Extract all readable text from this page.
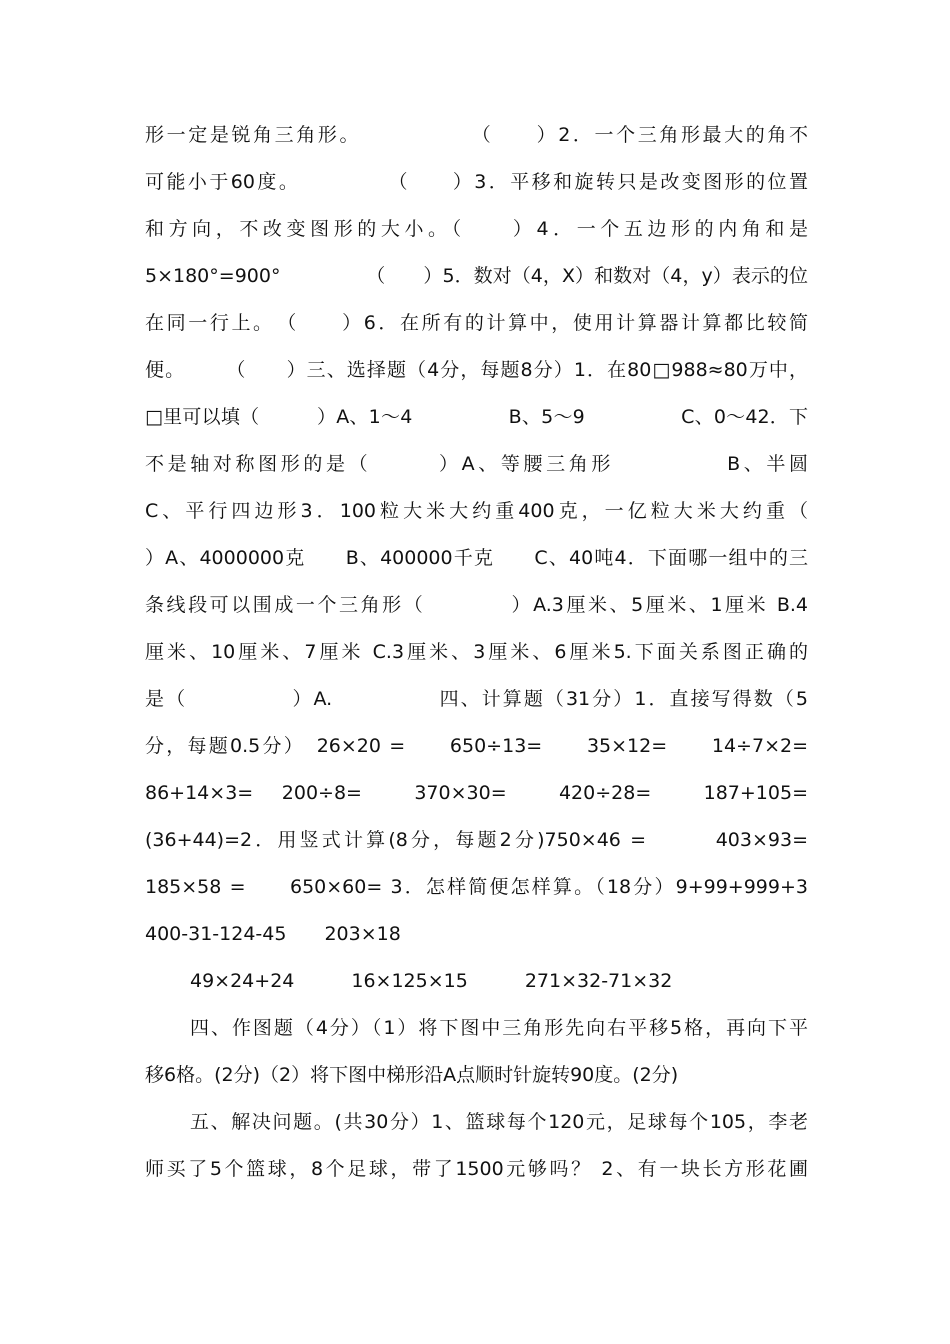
形一定是锐角三角形。　　　　　　（　　）2．一个三角形最大的角不
可能小于60度。　　　　　（　　）3．平移和旋转只是改变图形的位置
和方向，不改变图形的大小。（　　）4．一个五边形的内角和是
5×180°=900°　　　　　（　　）5．数对（4，X）和数对（4，y）表示的位
在同一行上。　（　　）6．在所有的计算中，使用计算器计算都比较简
便。　　　（　　）三、选择题（4分，每题8分）1．在80□988≈80万中，
□里可以填（　　　）A、1～4　　　　　B、5～9　　　　　C、0～42．下
不是轴对称图形的是（　　　）A、等腰三角形　　　　　B、半圆
C、平行四边形3．100粒大米大约重400克，一亿粒大米大约重（
）A、4000000克　　B、400000千克　　C、40吨4．下面哪一组中的三
条线段可以围成一个三角形（　　　　）A.3厘米、5厘米、1厘米 B.4
厘米、10厘米、7厘米 C.3厘米、3厘米、6厘米5.下面关系图正确的
是（　　　　　）A.　　　　　四、计算题（31分）1．直接写得数（5
分，每题0.5分）　26×20 =　　650÷13=　　35×12=　　14÷7×2=
86+14×3=　200÷8=　　370×30=　　420÷28=　　187+105=　　
(36+44)=2．用竖式计算(8分，每题2分)750×46 =　　　403×93=
185×58 =　　650×60= 3．怎样简便怎样算。（18分）9+99+999+3
400-31-124-45　　203×18
49×24+24　　　16×125×15　　　271×32-71×32
四、作图题（4分）（1）将下图中三角形先向右平移5格，再向下平
移6格。(2分)（2）将下图中梯形沿A点顺时针旋转90度。(2分)
五、解决问题。(共30分）1、篮球每个120元，足球每个105，李老
师买了5个篮球，8个足球，带了1500元够吗？ 2、有一块长方形花圃
